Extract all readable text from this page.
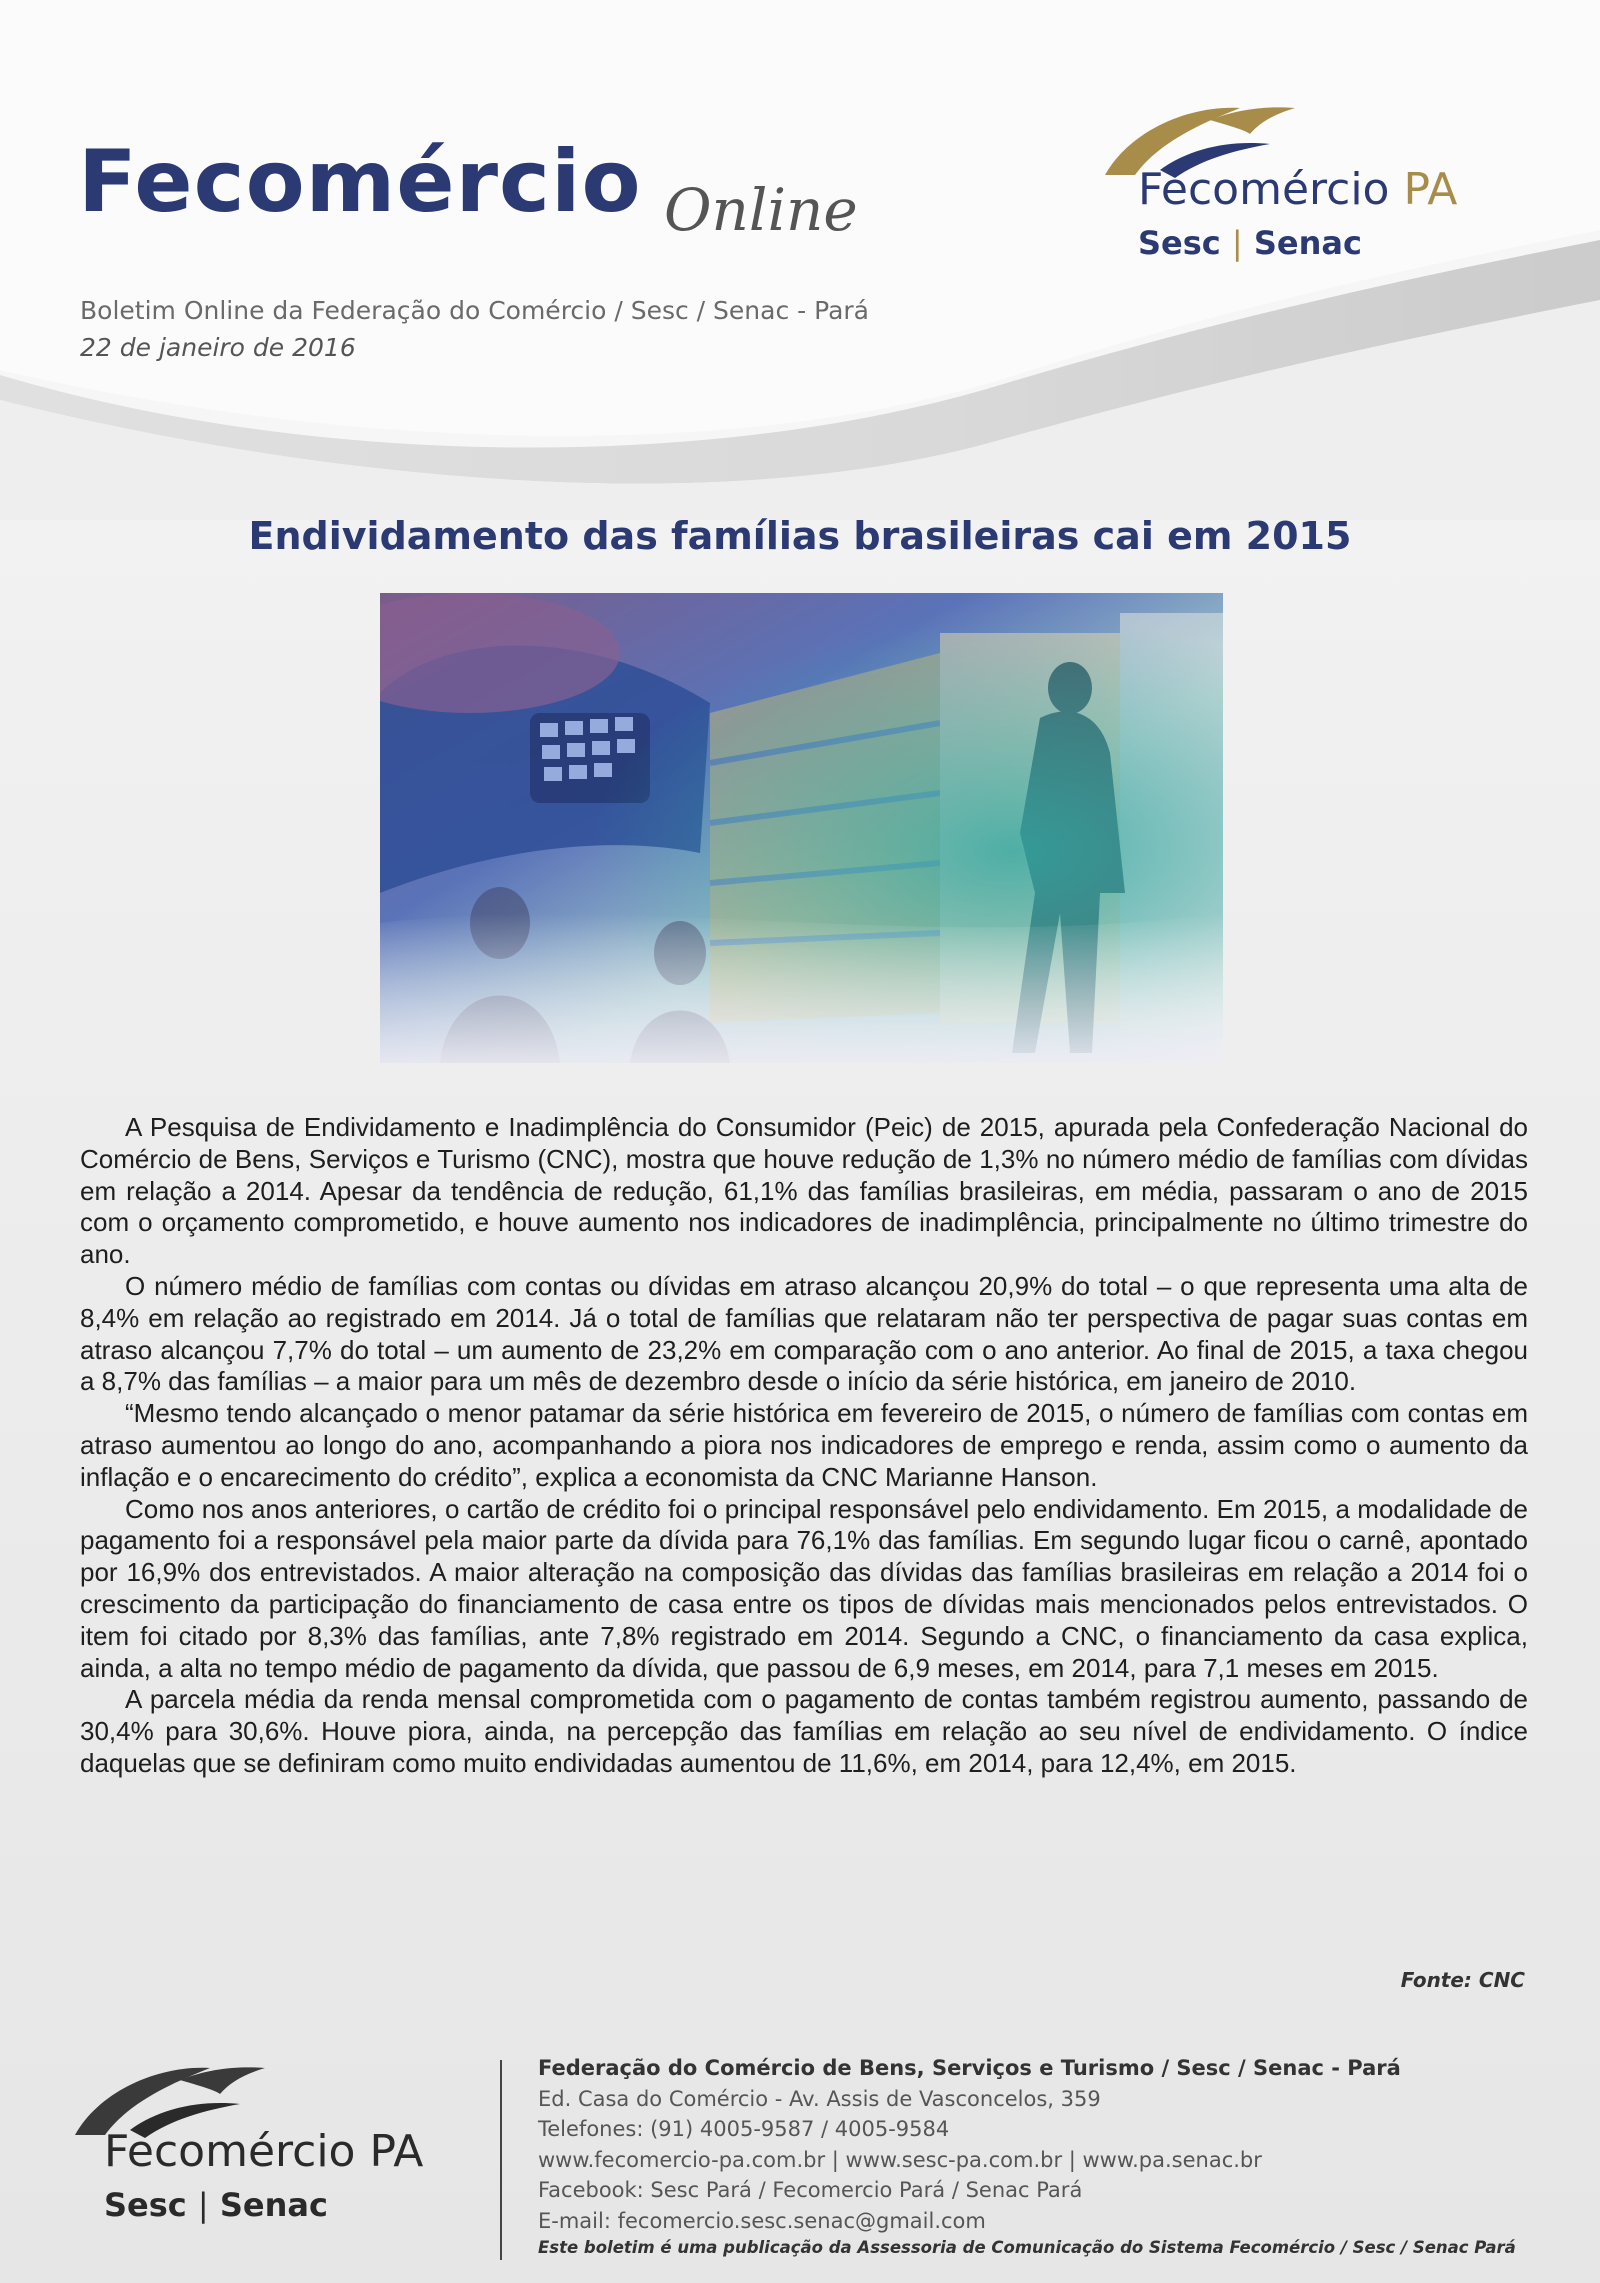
Fecomércio Online
Boletim Online da Federação do Comércio / Sesc / Senac - Pará
22 de janeiro de 2016
Fecomércio PA
Sesc | Senac
Endividamento das famílias brasileiras cai em 2015

A Pesquisa de Endividamento e Inadimplência do Consumidor (Peic) de 2015, apurada pela Confederação Nacional do Comércio de Bens, Serviços e Turismo (CNC), mostra que houve redução de 1,3% no número médio de famílias com dívidas em relação a 2014. Apesar da tendência de redução, 61,1% das famílias brasileiras, em média, passaram o ano de 2015 com o orçamento comprometido, e houve aumento nos indicadores de inadimplência, principalmente no último trimestre do ano.

O número médio de famílias com contas ou dívidas em atraso alcançou 20,9% do total – o que representa uma alta de 8,4% em relação ao registrado em 2014. Já o total de famílias que relataram não ter perspectiva de pagar suas contas em atraso alcançou 7,7% do total – um aumento de 23,2% em comparação com o ano anterior. Ao final de 2015, a taxa chegou a 8,7% das famílias – a maior para um mês de dezembro desde o início da série histórica, em janeiro de 2010.

“Mesmo tendo alcançado o menor patamar da série histórica em fevereiro de 2015, o número de famílias com contas em atraso aumentou ao longo do ano, acompanhando a piora nos indicadores de emprego e renda, assim como o aumento da inflação e o encarecimento do crédito”, explica a economista da CNC Marianne Hanson.

Como nos anos anteriores, o cartão de crédito foi o principal responsável pelo endividamento. Em 2015, a modalidade de pagamento foi a responsável pela maior parte da dívida para 76,1% das famílias. Em segundo lugar ficou o carnê, apontado por 16,9% dos entrevistados. A maior alteração na composição das dívidas das famílias brasileiras em relação a 2014 foi o crescimento da participação do financiamento de casa entre os tipos de dívidas mais mencionados pelos entrevistados. O item foi citado por 8,3% das famílias, ante 7,8% registrado em 2014. Segundo a CNC, o financiamento da casa explica, ainda, a alta no tempo médio de pagamento da dívida, que passou de 6,9 meses, em 2014, para 7,1 meses em 2015.

A parcela média da renda mensal comprometida com o pagamento de contas também registrou aumento, passando de 30,4% para 30,6%. Houve piora, ainda, na percepção das famílias em relação ao seu nível de endividamento. O índice daquelas que se definiram como muito endividadas aumentou de 11,6%, em 2014, para 12,4%, em 2015.

Fonte: CNC
Fecomércio PA
Sesc | Senac
Federação do Comércio de Bens, Serviços e Turismo / Sesc / Senac - Pará
Ed. Casa do Comércio - Av. Assis de Vasconcelos, 359
Telefones: (91) 4005-9587 / 4005-9584
www.fecomercio-pa.com.br | www.sesc-pa.com.br | www.pa.senac.br
Facebook: Sesc Pará / Fecomercio Pará / Senac Pará
E-mail: fecomercio.sesc.senac@gmail.com
Este boletim é uma publicação da Assessoria de Comunicação do Sistema Fecomércio / Sesc / Senac Pará
